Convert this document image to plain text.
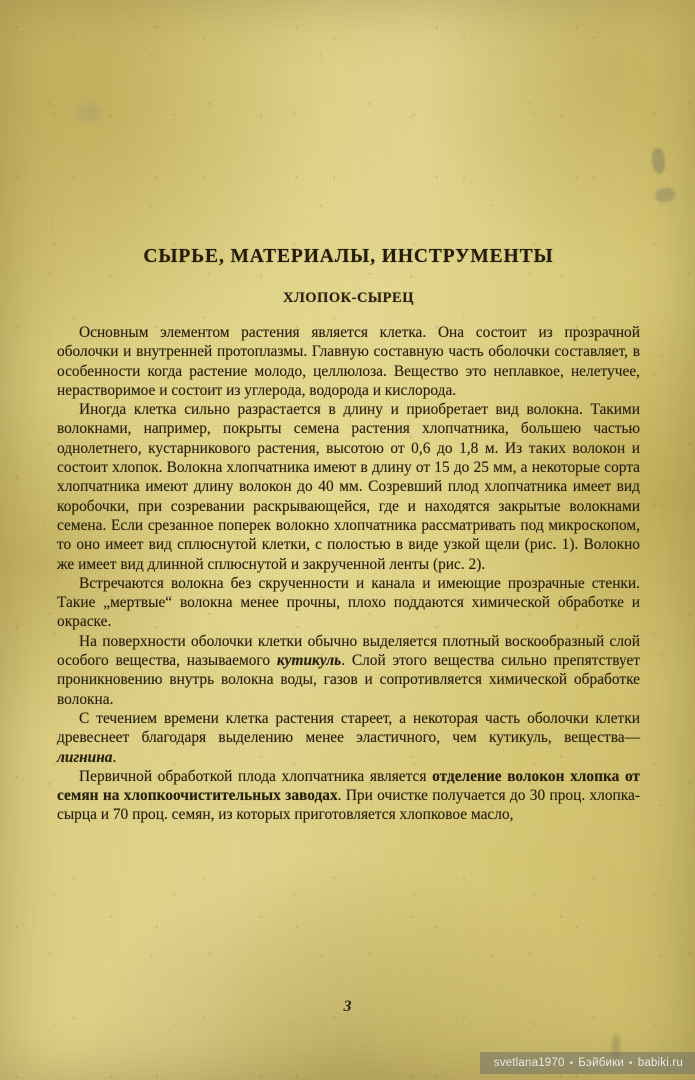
СЫРЬЕ, МАТЕРИАЛЫ, ИНСТРУМЕНТЫ
ХЛОПОК-СЫРЕЦ

Основным элементом растения является клетка. Она состоит из прозрачной оболочки и внутренней протоплазмы. Главную составную часть оболочки составляет, в особенности когда растение молодо, целлюлоза. Вещество это неплавкое, нелетучее, нерастворимое и состоит из углерода, водорода и кислорода.

Иногда клетка сильно разрастается в длину и приобретает вид волокна. Такими волокнами, например, покрыты семена растения хлопчатника, большею частью однолетнего, кустарникового растения, высотою от 0,6 до 1,8 м. Из таких волокон и состоит хлопок. Волокна хлопчатника имеют в длину от 15 до 25 мм, а некоторые сорта хлопчатника имеют длину волокон до 40 мм. Созревший плод хлопчатника имеет вид коробочки, при созревании раскрывающейся, где и находятся закрытые волокнами семена. Если срезанное поперек волокно хлопчатника рассматривать под микроскопом, то оно имеет вид сплюснутой клетки, с полостью в виде узкой щели (рис. 1). Волокно же имеет вид длинной сплюснутой и закрученной ленты (рис. 2).

Встречаются волокна без скрученности и канала и имеющие прозрачные стенки. Такие „мертвые“ волокна менее прочны, плохо поддаются химической обработке и окраске.

На поверхности оболочки клетки обычно выделяется плотный воскообразный слой особого вещества, называемого кутикуль. Слой этого вещества сильно препятствует проникновению внутрь волокна воды, газов и сопротивляется химической обработке волокна.

С течением времени клетка растения стареет, а некоторая часть оболочки клетки древеснеет благодаря выделению менее эластичного, чем кутикуль, вещества—лигнина.

Первичной обработкой плода хлопчатника является отделение волокон хлопка от семян на хлопкоочистительных заводах. При очистке получается до 30 проц. хлопка-сырца и 70 проц. семян, из которых приготовляется хлопковое масло,

3
svetlana1970 • Бэйбики • babiki.ru
